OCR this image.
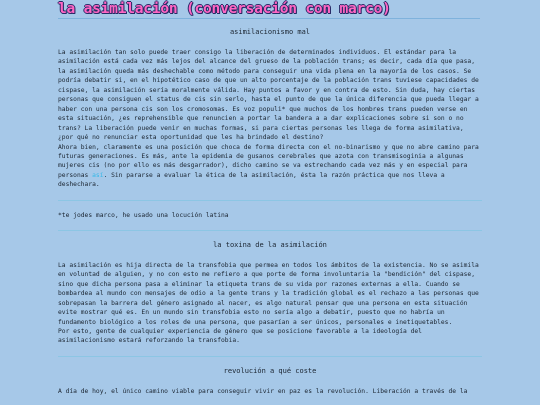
la asimilación (conversación con marco)
asimilacionismo mal

La asimilación tan solo puede traer consigo la liberación de determinados individuos. El estándar para la asimilación está cada vez más lejos del alcance del grueso de la población trans; es decir, cada día que pasa, la asimilación queda más deshechable como método para conseguir una vida plena en la mayoría de los casos. Se podría debatir si, en el hipotético caso de que un alto porcentaje de la población trans tuviese capacidades de cispase, la asimilación sería moralmente válida. Hay puntos a favor y en contra de esto. Sin duda, hay ciertas personas que consiguen el status de cis sin serlo, hasta el punto de que la única diferencia que pueda llegar a haber con una persona cis son los cromosomas. Es voz populi* que muchos de los hombres trans pueden verse en esta situación, ¿es reprehensible que renuncien a portar la bandera a a dar explicaciones sobre si son o no trans? La liberación puede venir en muchas formas, si para ciertas personas les llega de forma asimilativa, ¿por qué no renunciar esta oportunidad que les ha brindado el destino?
Ahora bien, claramente es una posición que choca de forma directa con el no-binarismo y que no abre camino para futuras generaciones. Es más, ante la epidemia de gusanos cerebrales que azota con transmisoginia a algunas mujeres cis (no por ello es más desgarrador), dicho camino se va estrechando cada vez más y en especial para personas así. Sin pararse a evaluar la ética de la asimilación, ésta la razón práctica que nos lleva a deshechara.

*te jodes marco, he usado una locución latina

la toxina de la asimilación

La asimilación es hija directa de la transfobia que permea en todos los ámbitos de la existencia. No se asimila en voluntad de alguien, y no con esto me refiero a que porte de forma involuntaria la "bendición" del cispase, sino que dicha persona pasa a eliminar la etiqueta trans de su vida por razones externas a ella. Cuando se bombardea al mundo con mensajes de odio a la gente trans y la tradición global es el rechazo a las personas que sobrepasan la barrera del género asignado al nacer, es algo natural pensar que una persona en esta situación evite mostrar qué es. En un mundo sin transfobia esto no sería algo a debatir, puesto que no habría un fundamento biológico a los roles de una persona, que pasarían a ser únicos, personales e inetiquetables.
Por esto, gente de cualquier experiencia de género que se posicione favorable a la ideología del asimilacionismo estará reforzando la transfobia.

revolución a qué coste

A día de hoy, el único camino viable para conseguir vivir en paz es la revolución. Liberación a través de la
